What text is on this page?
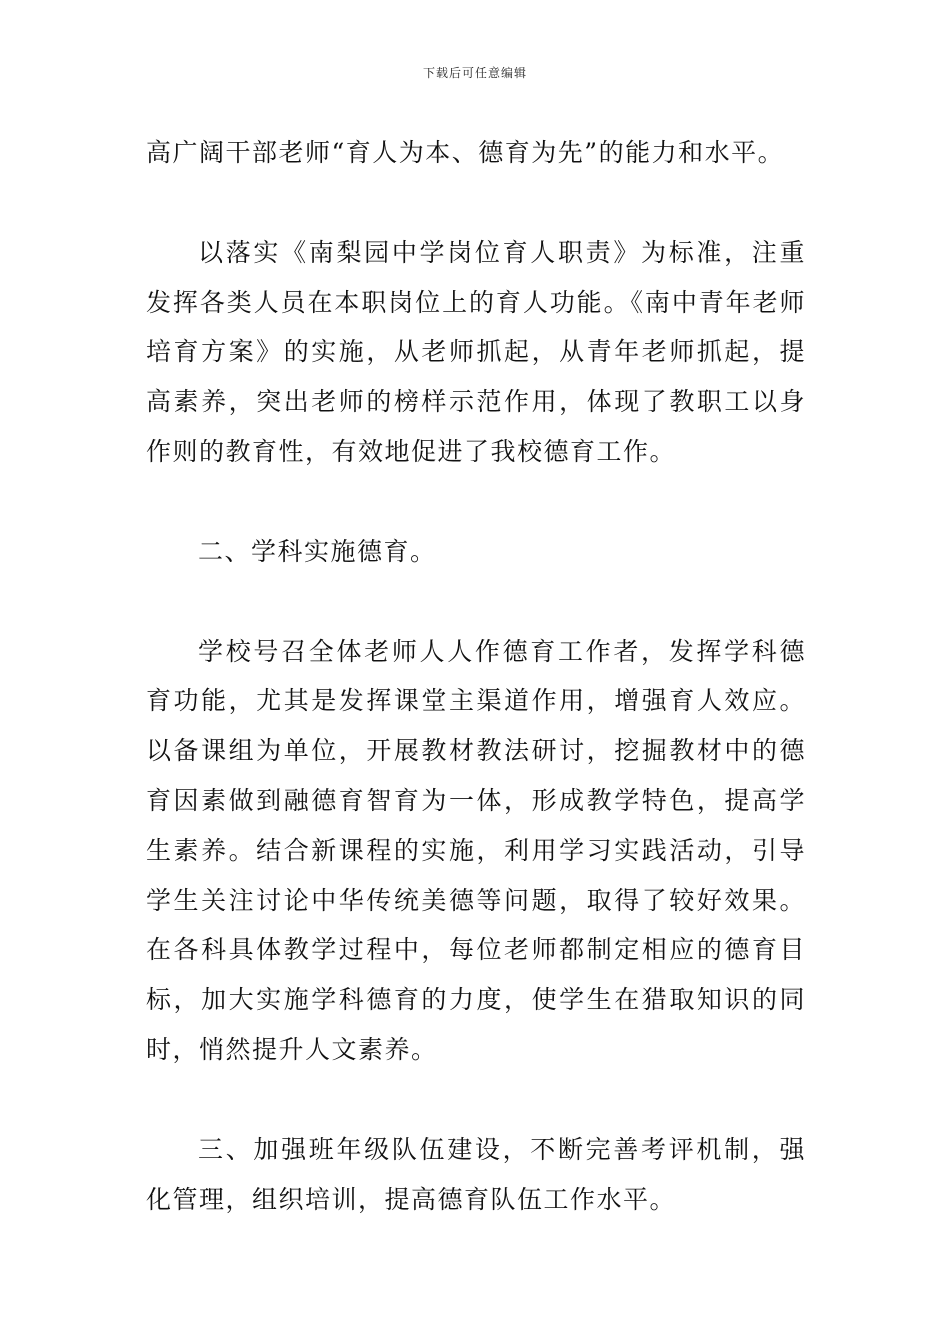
下载后可任意编辑

高广阔干部老师“育人为本、德育为先”的能力和水平。

以落实《南梨园中学岗位育人职责》为标准，注重发挥各类人员在本职岗位上的育人功能。《南中青年老师培育方案》的实施，从老师抓起，从青年老师抓起，提高素养，突出老师的榜样示范作用，体现了教职工以身作则的教育性，有效地促进了我校德育工作。

二、学科实施德育。

学校号召全体老师人人作德育工作者，发挥学科德育功能，尤其是发挥课堂主渠道作用，增强育人效应。以备课组为单位，开展教材教法研讨，挖掘教材中的德育因素做到融德育智育为一体，形成教学特色，提高学生素养。结合新课程的实施，利用学习实践活动，引导学生关注讨论中华传统美德等问题，取得了较好效果。在各科具体教学过程中，每位老师都制定相应的德育目标，加大实施学科德育的力度，使学生在猎取知识的同时，悄然提升人文素养。

三、加强班年级队伍建设，不断完善考评机制，强化管理，组织培训，提高德育队伍工作水平。
